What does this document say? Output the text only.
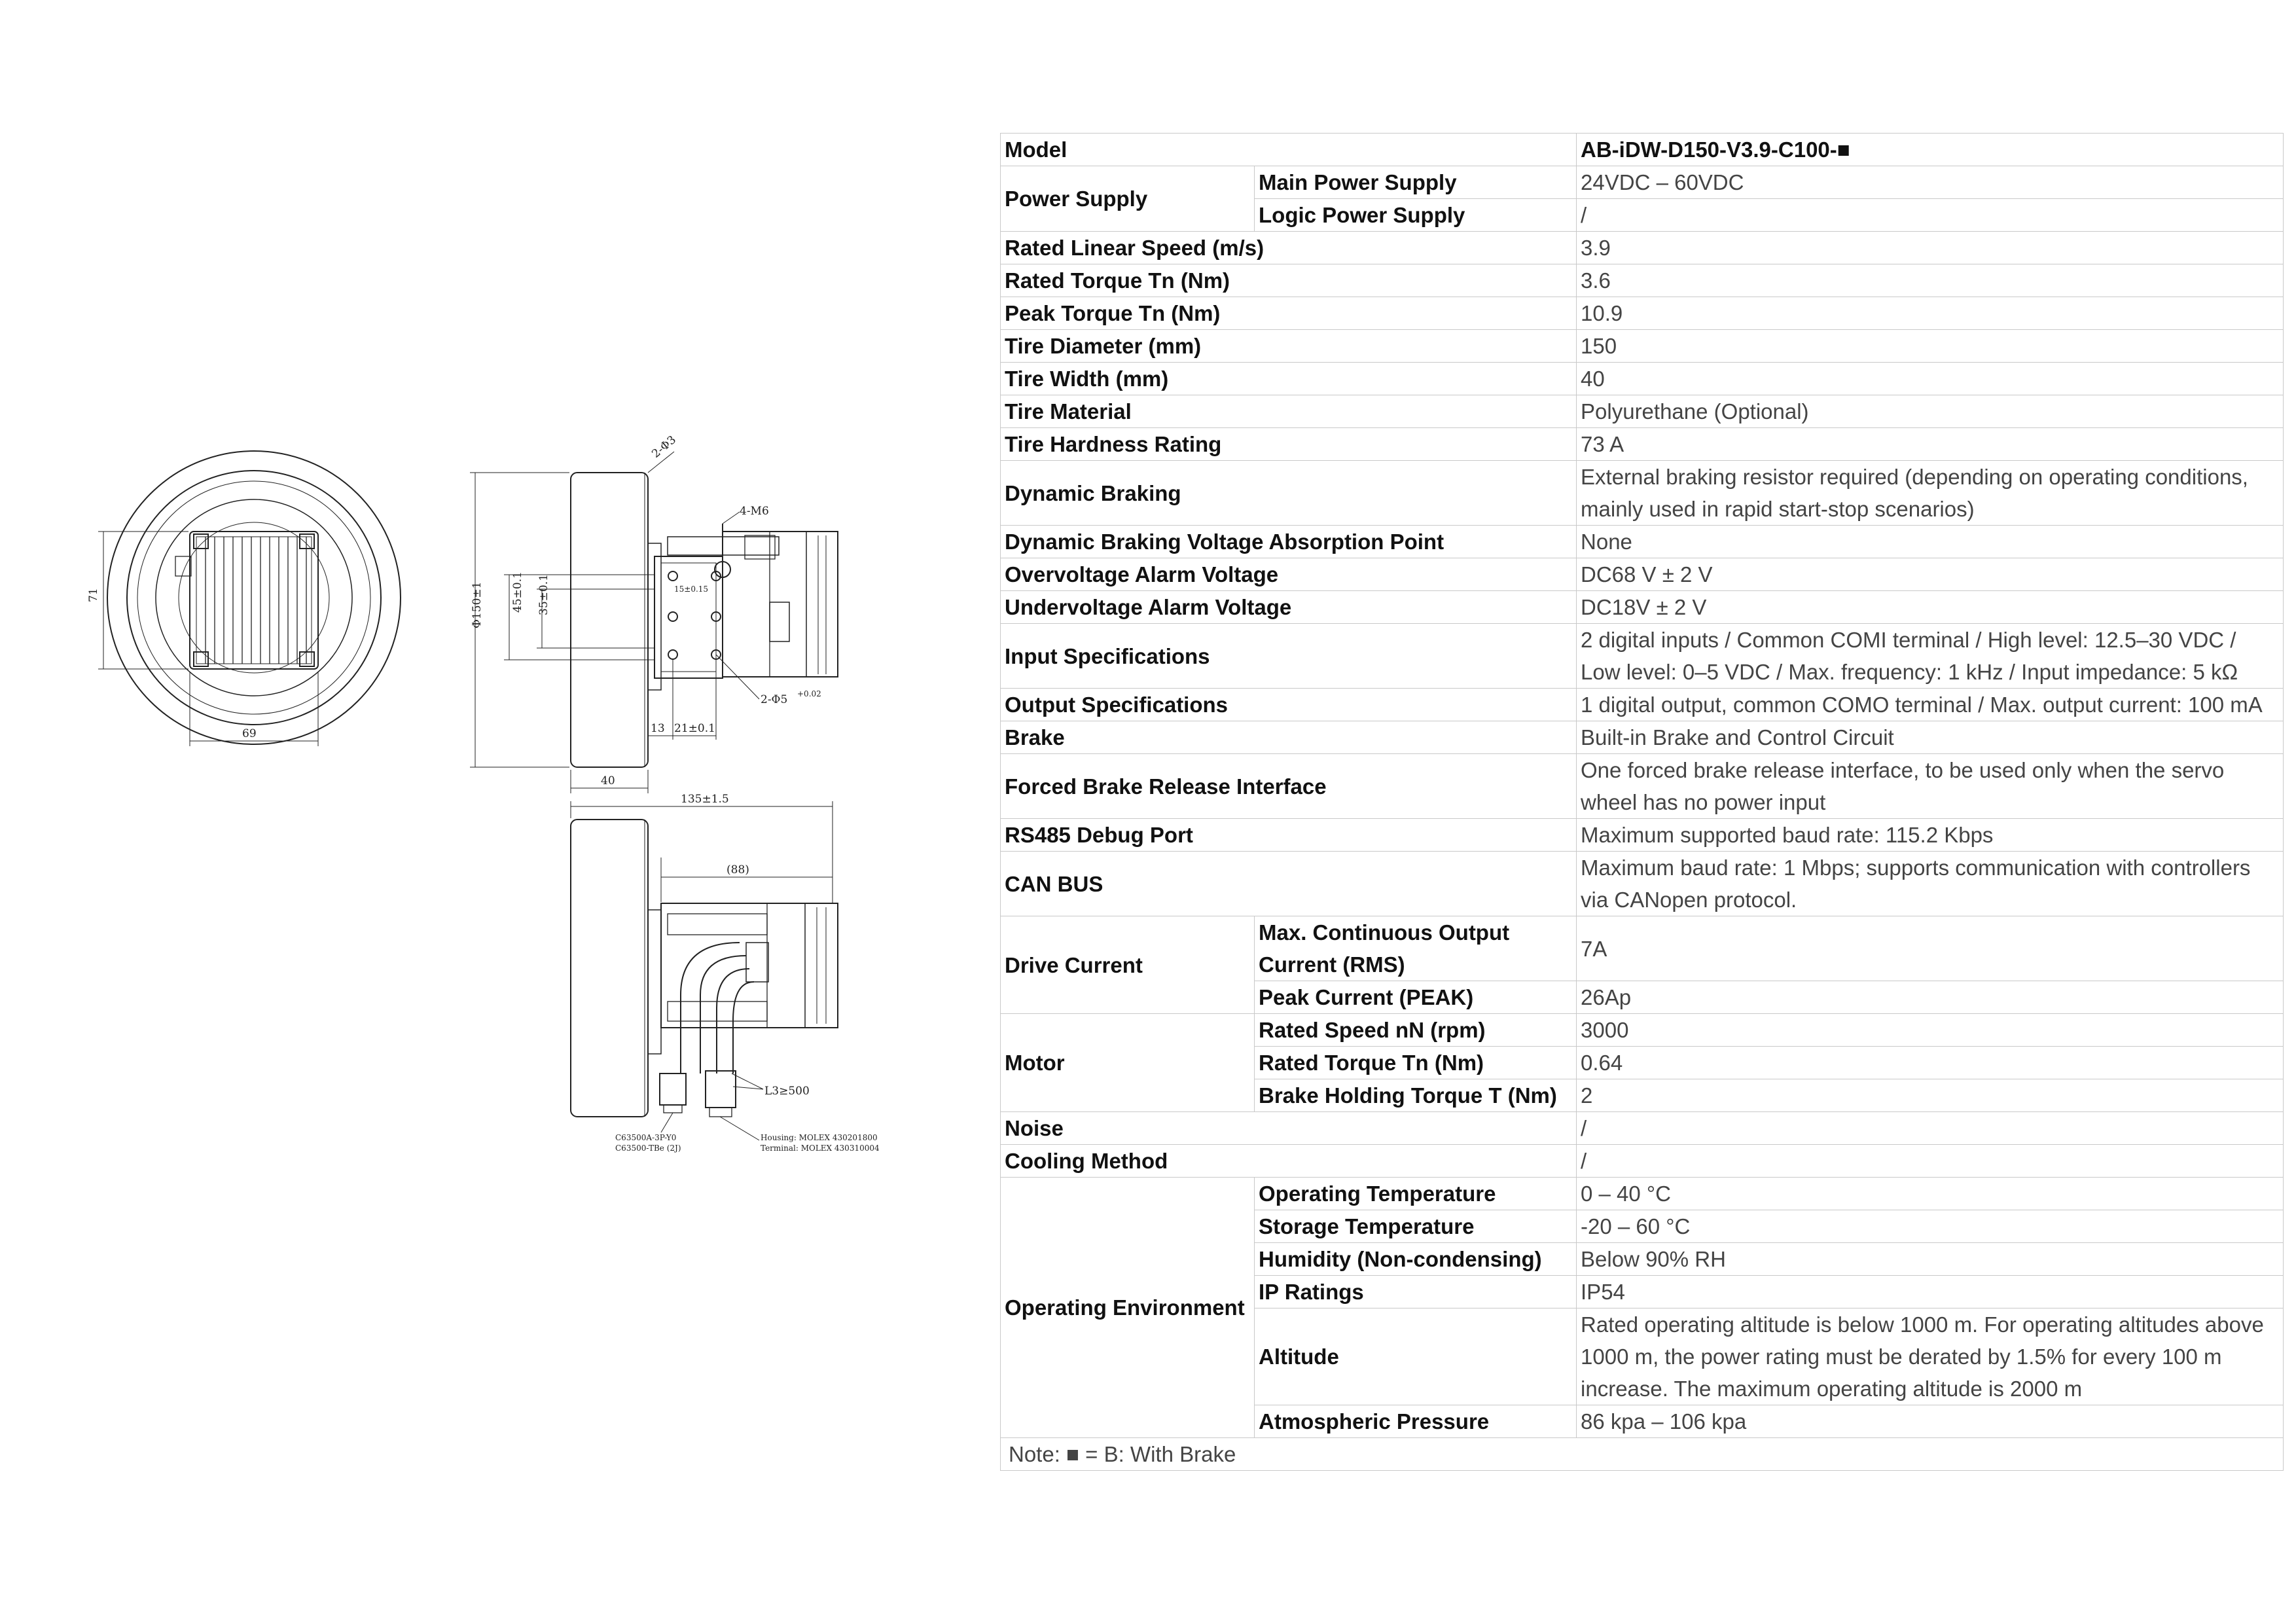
71
69
2-Φ3
4-M6
Φ150±1 45±0.1 35±0.1	15±0.15
13 21±0.1
2-Φ5 +0.02
40
135±1.5
(88)
L3≥500
C63500A-3P-Y0
C63500-TBe (2J)
Housing: MOLEX 430201800
Terminal: MOLEX 430310004
Model		AB-iDW-D150-V3.9-C100-■
Power Supply	Main Power Supply	24VDC – 60VDC
	Logic Power Supply	/
Rated Linear Speed (m/s)		3.9
Rated Torque Tn (Nm)		3.6
Peak Torque Tn (Nm)		10.9
Tire Diameter (mm)		150
Tire Width (mm)		40
Tire Material		Polyurethane (Optional)
Tire Hardness Rating		73 A
Dynamic Braking		External braking resistor required (depending on operating conditions, mainly used in rapid start-stop scenarios)
Dynamic Braking Voltage Absorption Point		None
Overvoltage Alarm Voltage		DC68 V ± 2 V
Undervoltage Alarm Voltage		DC18V ± 2 V
Input Specifications		2 digital inputs / Common COMI terminal / High level: 12.5–30 VDC / Low level: 0–5 VDC / Max. frequency: 1 kHz / Input impedance: 5 kΩ
Output Specifications		1 digital output, common COMO terminal / Max. output current: 100 mA
Brake		Built-in Brake and Control Circuit
Forced Brake Release Interface		One forced brake release interface, to be used only when the servo wheel has no power input
RS485 Debug Port		Maximum supported baud rate: 115.2 Kbps
CAN BUS		Maximum baud rate: 1 Mbps; supports communication with controllers via CANopen protocol.
Drive Current	Max. Continuous Output Current (RMS)	7A
	Peak Current (PEAK)	26Ap
Motor	Rated Speed nN (rpm)	3000
	Rated Torque Tn (Nm)	0.64
	Brake Holding Torque T (Nm)	2
Noise		/
Cooling Method		/
Operating Environment	Operating Temperature	0 – 40 °C
	Storage Temperature	-20 – 60 °C
	Humidity (Non-condensing)	Below 90% RH
	IP Ratings	IP54
	Altitude	Rated operating altitude is below 1000 m. For operating altitudes above 1000 m, the power rating must be derated by 1.5% for every 100 m increase. The maximum operating altitude is 2000 m
	Atmospheric Pressure	86 kpa – 106 kpa
Note: ■ = B: With Brake		
